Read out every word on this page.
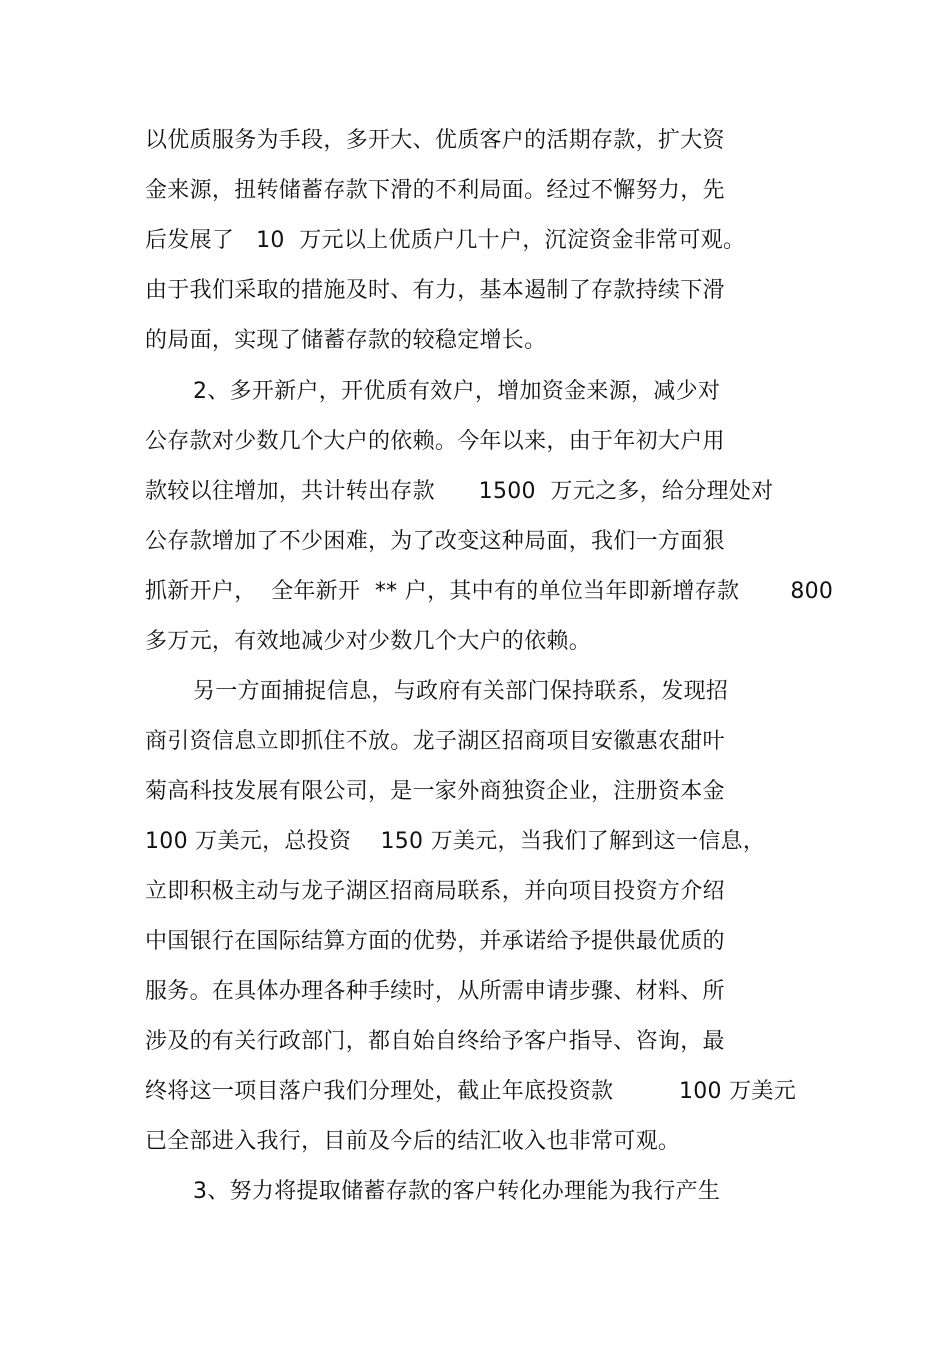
以优质服务为手段，多开大、优质客户的活期存款，扩大资
金来源，扭转储蓄存款下滑的不利局面。经过不懈努力，先
后发展了   10  万元以上优质户几十户，沉淀资金非常可观。
由于我们采取的措施及时、有力，基本遏制了存款持续下滑
的局面，实现了储蓄存款的较稳定增长。
2、多开新户，开优质有效户，增加资金来源，减少对
公存款对少数几个大户的依赖。今年以来，由于年初大户用
款较以往增加，共计转出存款      1500  万元之多，给分理处对
公存款增加了不少困难，为了改变这种局面，我们一方面狠
抓新开户，  全年新开  ** 户，其中有的单位当年即新增存款       800
多万元，有效地减少对少数几个大户的依赖。
另一方面捕捉信息，与政府有关部门保持联系，发现招
商引资信息立即抓住不放。龙子湖区招商项目安徽惠农甜叶
菊高科技发展有限公司，是一家外商独资企业，注册资本金
100 万美元，总投资    150 万美元，当我们了解到这一信息，
立即积极主动与龙子湖区招商局联系，并向项目投资方介绍
中国银行在国际结算方面的优势，并承诺给予提供最优质的
服务。在具体办理各种手续时，从所需申请步骤、材料、所
涉及的有关行政部门，都自始自终给予客户指导、咨询，最
终将这一项目落户我们分理处，截止年底投资款         100 万美元
已全部进入我行，目前及今后的结汇收入也非常可观。
3、努力将提取储蓄存款的客户转化办理能为我行产生
